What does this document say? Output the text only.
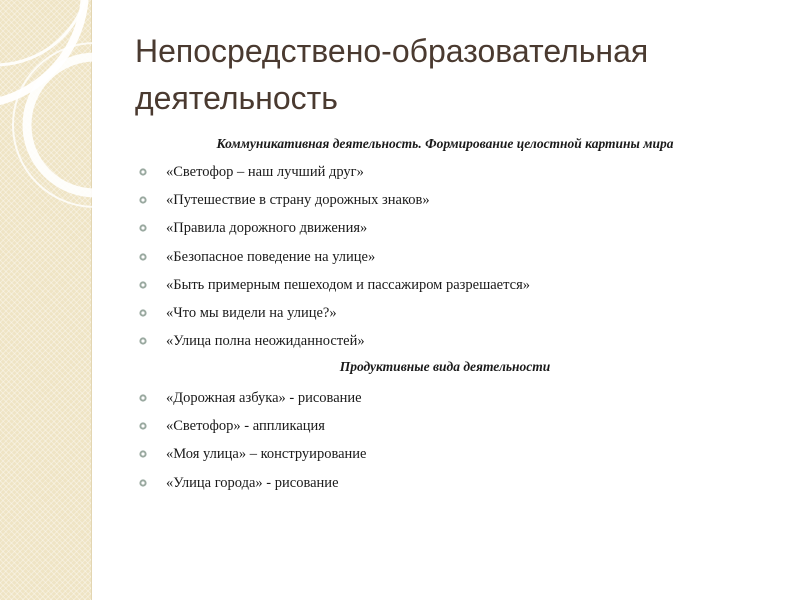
Непосредствено-образовательная деятельность

Коммуникативная деятельность. Формирование целостной картины мира

«Светофор – наш лучший друг»
«Путешествие в страну дорожных знаков»
«Правила дорожного движения»
«Безопасное поведение на улице»
«Быть примерным пешеходом и пассажиром разрешается»
«Что мы видели на улице?»
«Улица полна неожиданностей»

Продуктивные вида деятельности

«Дорожная азбука» - рисование
«Светофор» - аппликация
«Моя улица» – конструирование
«Улица города» - рисование
